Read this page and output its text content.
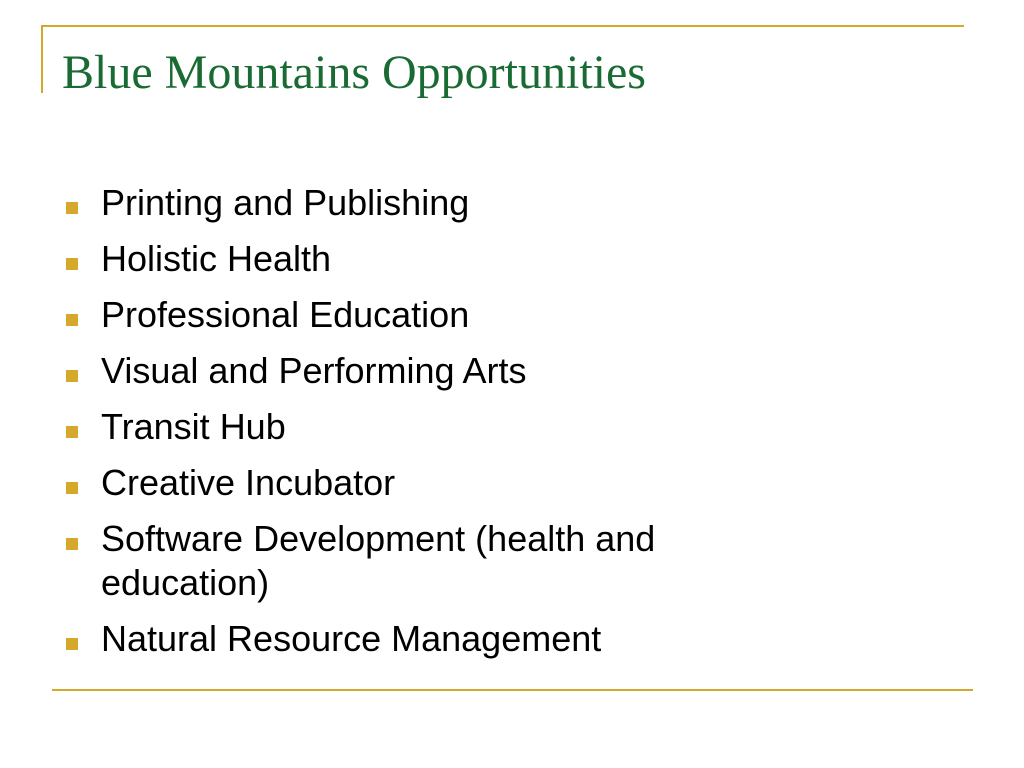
Blue Mountains Opportunities
Printing and Publishing
Holistic Health
Professional Education
Visual and Performing Arts
Transit Hub
Creative Incubator
Software Development (health and education)
Natural Resource Management
